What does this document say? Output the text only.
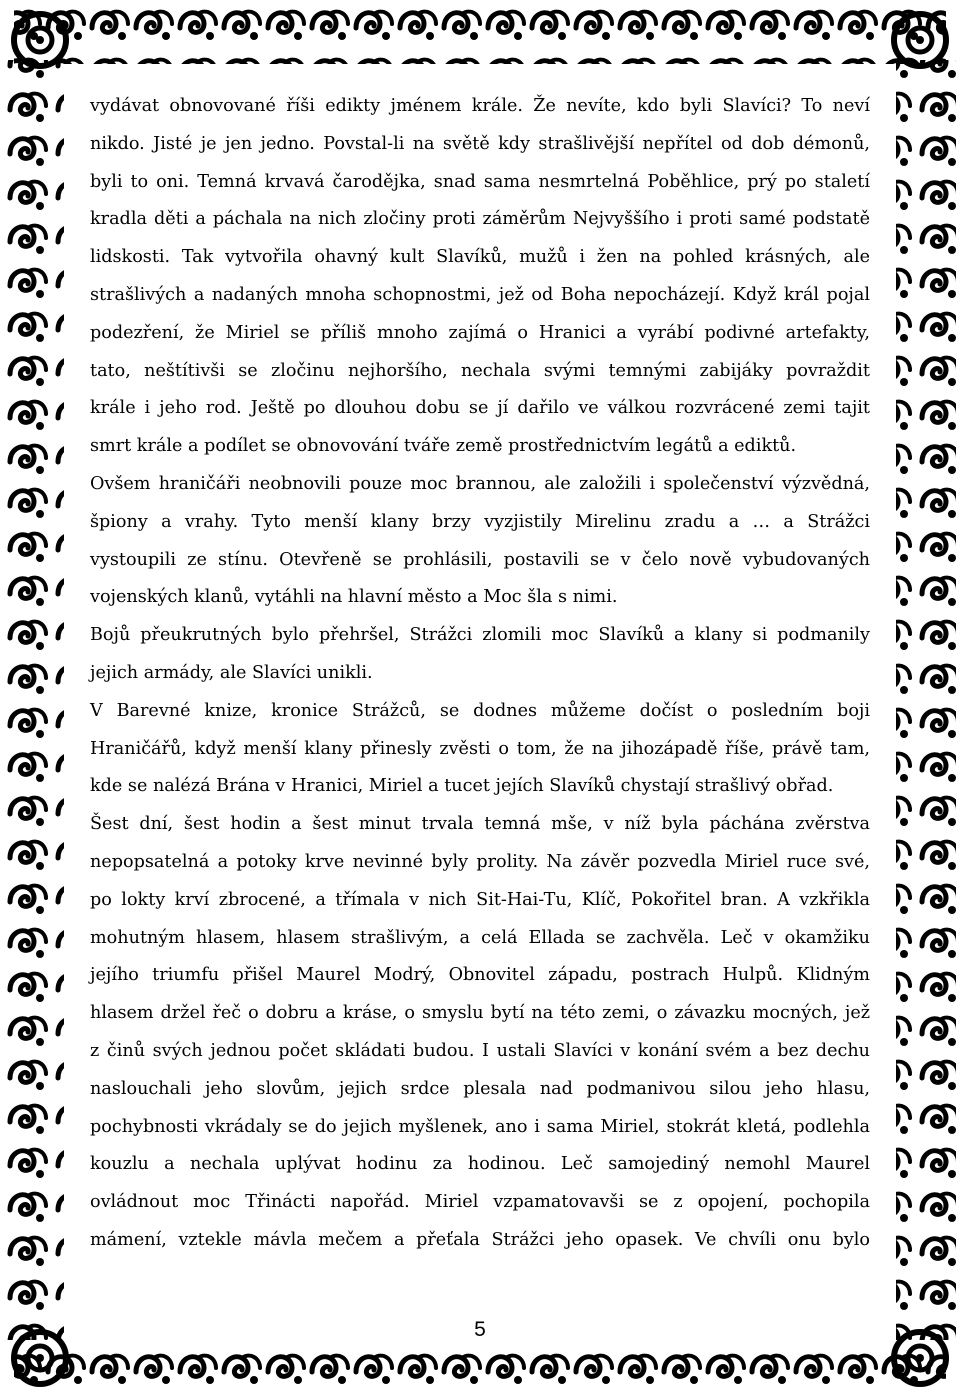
vydávat obnovované říši edikty jménem krále. Že nevíte, kdo byli Slavíci? To neví
nikdo. Jisté je jen jedno. Povstal-li na světě kdy strašlivější nepřítel od dob démonů,
byli to oni. Temná krvavá čarodějka, snad sama nesmrtelná Poběhlice, prý po staletí
kradla děti a páchala na nich zločiny proti záměrům Nejvyššího i proti samé podstatě
lidskosti. Tak vytvořila ohavný kult Slavíků, mužů i žen na pohled krásných, ale
strašlivých a nadaných mnoha schopnostmi, jež od Boha nepocházejí. Když král pojal
podezření, že Miriel se příliš mnoho zajímá o Hranici a vyrábí podivné artefakty,
tato, neštítivši se zločinu nejhoršího, nechala svými temnými zabijáky povraždit
krále i jeho rod. Ještě po dlouhou dobu se jí dařilo ve válkou rozvrácené zemi tajit
smrt krále a podílet se obnovování tváře země prostřednictvím legátů a ediktů.
Ovšem hraničáři neobnovili pouze moc brannou, ale založili i společenství výzvědná,
špiony a vrahy. Tyto menší klany brzy vyzjistily Mirelinu zradu a … a Strážci
vystoupili ze stínu. Otevřeně se prohlásili, postavili se v čelo nově vybudovaných
vojenských klanů, vytáhli na hlavní město a Moc šla s nimi.
Bojů přeukrutných bylo přehršel, Strážci zlomili moc Slavíků a klany si podmanily
jejich armády, ale Slavíci unikli.
V Barevné knize, kronice Strážců, se dodnes můžeme dočíst o posledním boji
Hraničářů, když menší klany přinesly zvěsti o tom, že na jihozápadě říše, právě tam,
kde se nalézá Brána v Hranici, Miriel a tucet jejích Slavíků chystají strašlivý obřad.
Šest dní, šest hodin a šest minut trvala temná mše, v níž byla páchána zvěrstva
nepopsatelná a potoky krve nevinné byly prolity. Na závěr pozvedla Miriel ruce své,
po lokty krví zbrocené, a třímala v nich Sit-Hai-Tu, Klíč, Pokořitel bran. A vzkřikla
mohutným hlasem, hlasem strašlivým, a celá Ellada se zachvěla. Leč v okamžiku
jejího triumfu přišel Maurel Modrý, Obnovitel západu, postrach Hulpů. Klidným
hlasem držel řeč o dobru a kráse, o smyslu bytí na této zemi, o závazku mocných, jež
z činů svých jednou počet skládati budou. I ustali Slavíci v konání svém a bez dechu
naslouchali jeho slovům, jejich srdce plesala nad podmanivou silou jeho hlasu,
pochybnosti vkrádaly se do jejich myšlenek, ano i sama Miriel, stokrát kletá, podlehla
kouzlu a nechala uplývat hodinu za hodinou. Leč samojediný nemohl Maurel
ovládnout moc Třinácti napořád. Miriel vzpamatovavši se z opojení, pochopila
mámení, vztekle mávla mečem a přeťala Strážci jeho opasek. Ve chvíli onu bylo
5
